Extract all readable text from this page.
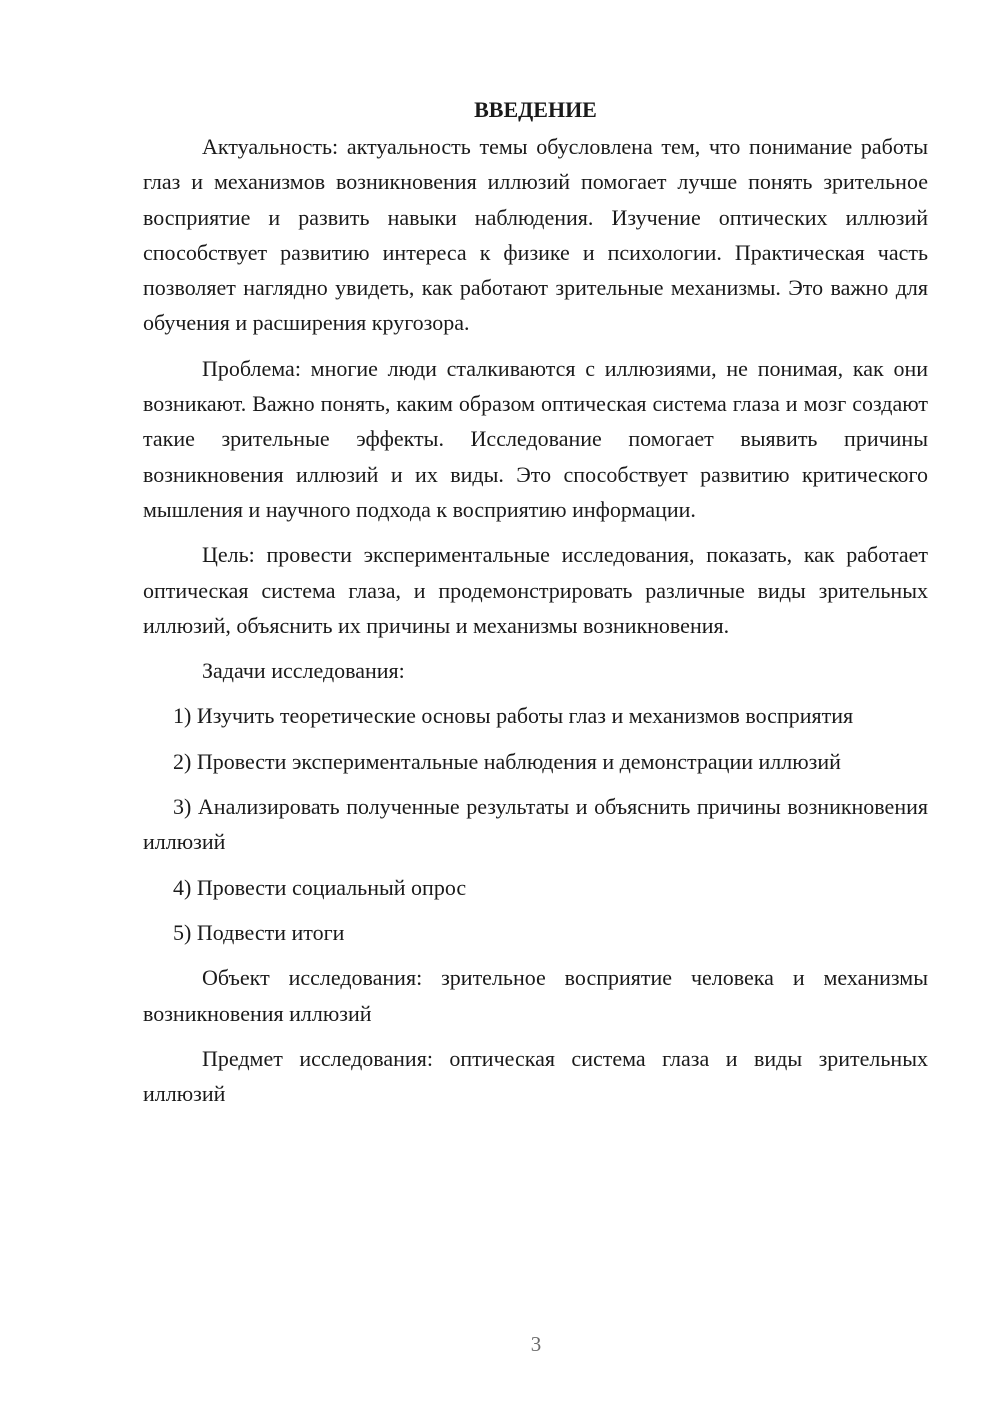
ВВЕДЕНИЕ

Актуальность: актуальность темы обусловлена тем, что понимание работы глаз и механизмов возникновения иллюзий помогает лучше понять зрительное восприятие и развить навыки наблюдения. Изучение оптических иллюзий способствует развитию интереса к физике и психологии. Практическая часть позволяет наглядно увидеть, как работают зрительные механизмы. Это важно для обучения и расширения кругозора.

Проблема: многие люди сталкиваются с иллюзиями, не понимая, как они возникают. Важно понять, каким образом оптическая система глаза и мозг создают такие зрительные эффекты. Исследование помогает выявить причины возникновения иллюзий и их виды. Это способствует развитию критического мышления и научного подхода к восприятию информации.

Цель: провести экспериментальные исследования, показать, как работает оптическая система глаза, и продемонстрировать различные виды зрительных иллюзий, объяснить их причины и механизмы возникновения.

Задачи исследования:

1) Изучить теоретические основы работы глаз и механизмов восприятия

2) Провести экспериментальные наблюдения и демонстрации иллюзий

3) Анализировать полученные результаты и объяснить причины возникновения иллюзий

4) Провести социальный опрос

5) Подвести итоги

Объект исследования: зрительное восприятие человека и механизмы возникновения иллюзий

Предмет исследования: оптическая система глаза и виды зрительных иллюзий

3
